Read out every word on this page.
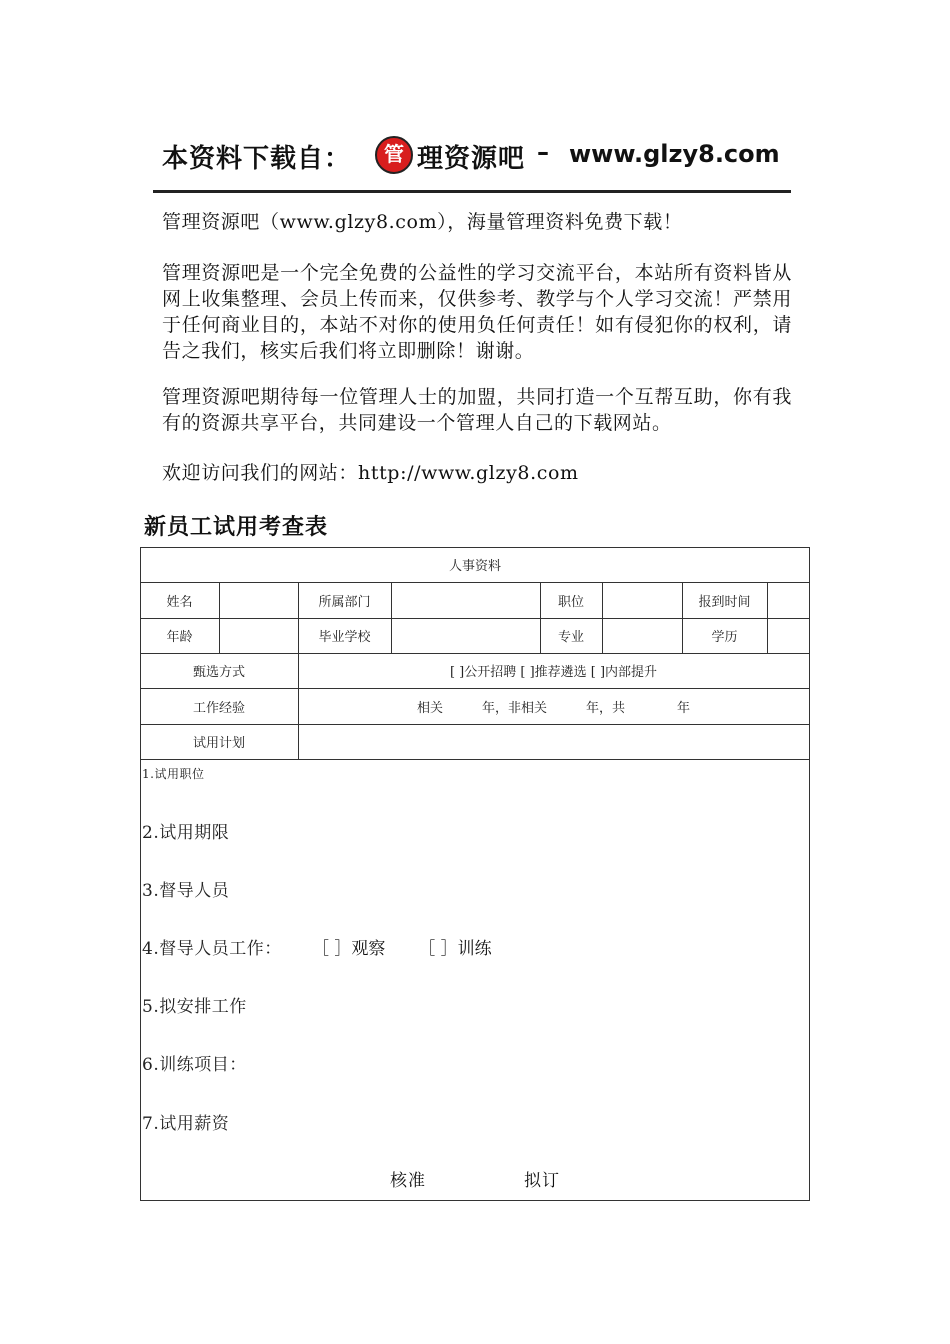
本资料下载自：	管 理资源吧 – www.glzy8.com
管理资源吧（www.glzy8.com），海量管理资料免费下载！
管理资源吧是一个完全免费的公益性的学习交流平台，本站所有资料皆从网上收集整理、会员上传而来，仅供参考、教学与个人学习交流！严禁用于任何商业目的，本站不对你的使用负任何责任！如有侵犯你的权利，请告之我们，核实后我们将立即删除！谢谢。
管理资源吧期待每一位管理人士的加盟，共同打造一个互帮互助，你有我有的资源共享平台，共同建设一个管理人自己的下载网站。
欢迎访问我们的网站：http://www.glzy8.com
新员工试用考查表
人事资料
姓名	所属部门	职位	报到时间
年龄	毕业学校	专业	学历
甄选方式	[ ]公开招聘 [ ]推荐遴选 [ ]内部提升
工作经验	相关　　　年，非相关　　　年，共　　　　年
试用计划
1.试用职位
2.试用期限
3.督导人员
4.督导人员工作： ［ ］观察 ［ ］训练
5.拟安排工作
6.训练项目：
7.试用薪资
核准	拟订
